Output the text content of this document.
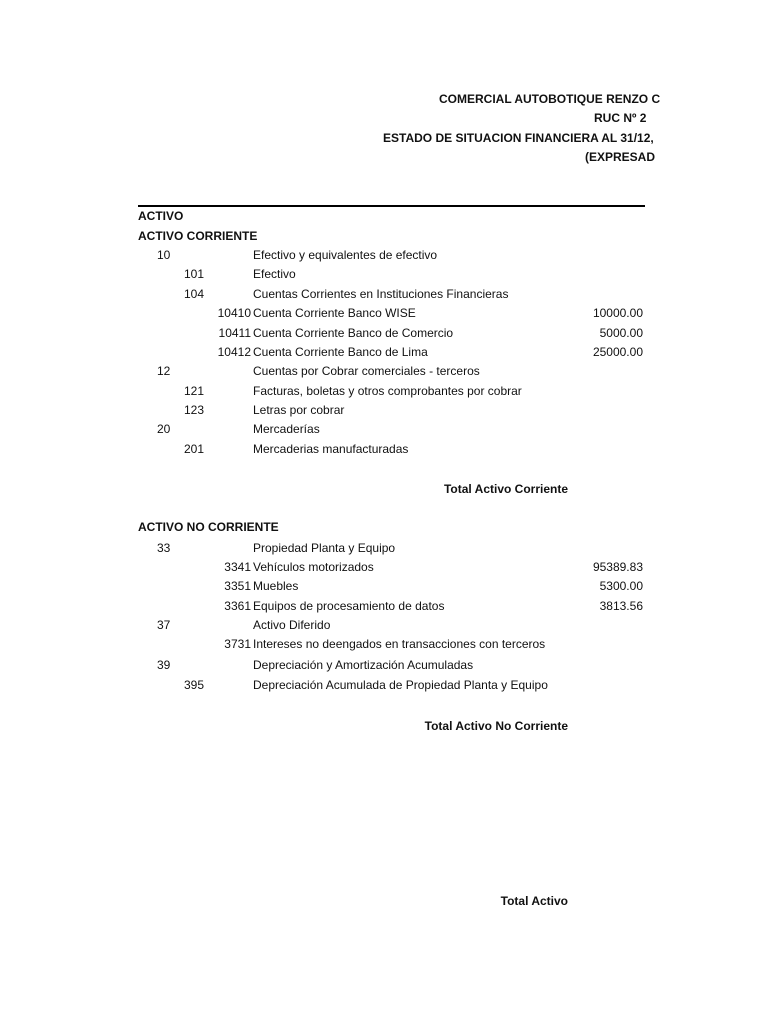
COMERCIAL AUTOBOTIQUE RENZO C
RUC Nº 2
ESTADO DE SITUACION FINANCIERA AL 31/12,
(EXPRESAD
ACTIVO
ACTIVO CORRIENTE
10	Efectivo y equivalentes de efectivo
101	Efectivo
104	Cuentas Corrientes en Instituciones Financieras
10410 Cuenta Corriente Banco WISE	10000.00
10411 Cuenta Corriente Banco de Comercio	5000.00
10412 Cuenta Corriente Banco de Lima	25000.00
12	Cuentas por Cobrar comerciales - terceros
121	Facturas, boletas y otros comprobantes por cobrar
123	Letras por cobrar
20	Mercaderías
201	Mercaderias manufacturadas
Total Activo Corriente
ACTIVO NO CORRIENTE
33	Propiedad Planta y Equipo
3341 Vehículos motorizados	95389.83
3351 Muebles	5300.00
3361 Equipos de procesamiento de datos	3813.56
37	Activo Diferido
3731 Intereses no deengados en transacciones con terceros
39	Depreciación y Amortización Acumuladas
395	Depreciación Acumulada de Propiedad Planta y Equipo
Total Activo No Corriente
Total Activo
